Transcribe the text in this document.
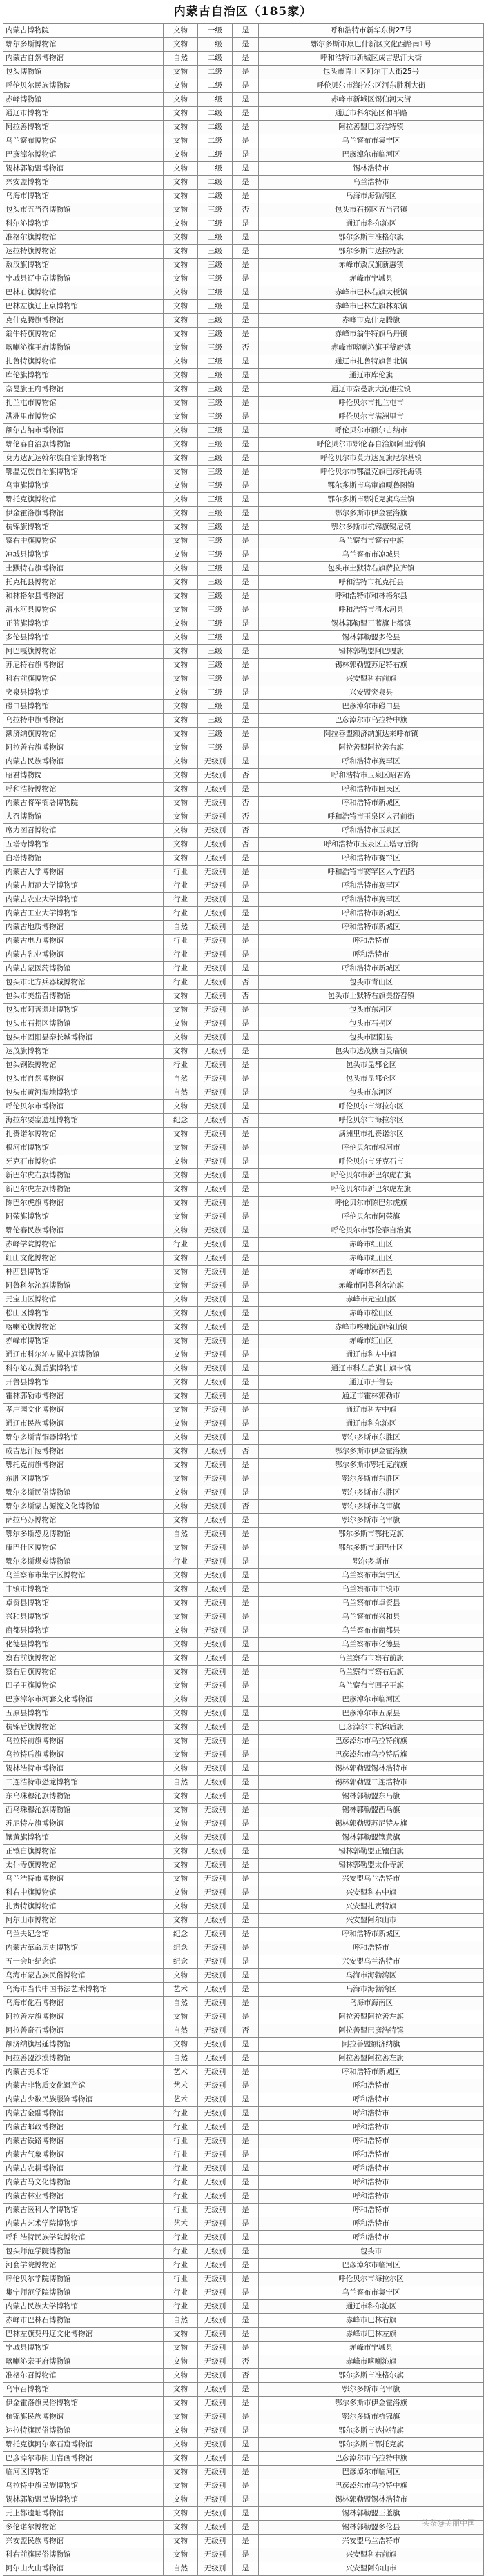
内蒙古自治区（185家）
内蒙古博物院	文物	一级	是	呼和浩特市新华东街27号
鄂尔多斯博物馆	文物	一级	是	鄂尔多斯市康巴什新区文化西路南1号
内蒙古自然博物馆	自然	二级	是	呼和浩特市新城区成吉思汗大街
包头博物馆	文物	二级	是	包头市青山区阿尔丁大街25号
呼伦贝尔民族博物院	文物	二级	是	呼伦贝尔市海拉尔区河东胜利大街
赤峰博物馆	文物	二级	是	赤峰市新城区锡伯河大街
通辽市博物馆	文物	二级	是	通辽市科尔沁区和平路
阿拉善博物馆	文物	二级	是	阿拉善盟巴彦浩特镇
乌兰察布博物馆	文物	二级	是	乌兰察布市集宁区
巴彦淖尔博物馆	文物	二级	是	巴彦淖尔市临河区
锡林郭勒盟博物馆	文物	二级	是	锡林浩特市
兴安盟博物馆	文物	二级	是	乌兰浩特市
乌海市博物馆	文物	二级	是	乌海市海勃湾区
包头市五当召博物馆	文物	三级	否	包头市石拐区五当召镇
科尔沁博物馆	文物	三级	是	通辽市科尔沁区
准格尔旗博物馆	文物	三级	是	鄂尔多斯市准格尔旗
达拉特旗博物馆	文物	三级	是	鄂尔多斯市达拉特旗
敖汉旗博物馆	文物	三级	是	赤峰市敖汉旗新惠镇
宁城县辽中京博物馆	文物	三级	是	赤峰市宁城县
巴林右旗博物馆	文物	三级	是	赤峰市巴林右旗大板镇
巴林左旗辽上京博物馆	文物	三级	是	赤峰市巴林左旗林东镇
克什克腾旗博物馆	文物	三级	是	赤峰市克什克腾旗
翁牛特旗博物馆	文物	三级	是	赤峰市翁牛特旗乌丹镇
喀喇沁旗王府博物馆	文物	三级	否	赤峰市喀喇沁旗王爷府镇
扎鲁特旗博物馆	文物	三级	是	通辽市扎鲁特旗鲁北镇
库伦旗博物馆	文物	三级	是	通辽市库伦旗
奈曼旗王府博物馆	文物	三级	是	通辽市奈曼旗大沁他拉镇
扎兰屯市博物馆	文物	三级	是	呼伦贝尔市扎兰屯市
满洲里市博物馆	文物	三级	是	呼伦贝尔市满洲里市
额尔古纳市博物馆	文物	三级	是	呼伦贝尔市额尔古纳市
鄂伦春自治旗博物馆	文物	三级	是	呼伦贝尔市鄂伦春自治旗阿里河镇
莫力达瓦达斡尔族自治旗博物馆	文物	三级	是	呼伦贝尔市莫力达瓦旗尼尔基镇
鄂温克族自治旗博物馆	文物	三级	是	呼伦贝尔市鄂温克旗巴彦托海镇
乌审旗博物馆	文物	三级	是	鄂尔多斯市乌审旗嘎鲁图镇
鄂托克旗博物馆	文物	三级	是	鄂尔多斯市鄂托克旗乌兰镇
伊金霍洛旗博物馆	文物	三级	是	鄂尔多斯市伊金霍洛旗
杭锦旗博物馆	文物	三级	是	鄂尔多斯市杭锦旗锡尼镇
察右中旗博物馆	文物	三级	是	乌兰察布市察右中旗
凉城县博物馆	文物	三级	是	乌兰察布市凉城县
土默特右旗博物馆	文物	三级	是	包头市土默特右旗萨拉齐镇
托克托县博物馆	文物	三级	是	呼和浩特市托克托县
和林格尔县博物馆	文物	三级	是	呼和浩特市和林格尔县
清水河县博物馆	文物	三级	是	呼和浩特市清水河县
正蓝旗博物馆	文物	三级	是	锡林郭勒盟正蓝旗上都镇
多伦县博物馆	文物	三级	是	锡林郭勒盟多伦县
阿巴嘎旗博物馆	文物	三级	是	锡林郭勒盟阿巴嘎旗
苏尼特右旗博物馆	文物	三级	是	锡林郭勒盟苏尼特右旗
科右前旗博物馆	文物	三级	是	兴安盟科右前旗
突泉县博物馆	文物	三级	是	兴安盟突泉县
磴口县博物馆	文物	三级	是	巴彦淖尔市磴口县
乌拉特中旗博物馆	文物	三级	是	巴彦淖尔市乌拉特中旗
额济纳旗博物馆	文物	三级	是	阿拉善盟额济纳旗达来呼布镇
阿拉善右旗博物馆	文物	三级	是	阿拉善盟阿拉善右旗
内蒙古民族博物馆	文物	无级别	是	呼和浩特市赛罕区
昭君博物院	文物	无级别	否	呼和浩特市玉泉区昭君路
呼和浩特博物馆	文物	无级别	是	呼和浩特市回民区
内蒙古将军衙署博物院	文物	无级别	否	呼和浩特市新城区
大召博物馆	文物	无级别	否	呼和浩特市玉泉区大召前街
席力图召博物馆	文物	无级别	否	呼和浩特市玉泉区
五塔寺博物馆	文物	无级别	否	呼和浩特市玉泉区五塔寺后街
白塔博物馆	文物	无级别	是	呼和浩特市赛罕区
内蒙古大学博物馆	行业	无级别	是	呼和浩特市赛罕区大学西路
内蒙古师范大学博物馆	行业	无级别	是	呼和浩特市赛罕区
内蒙古农业大学博物馆	行业	无级别	是	呼和浩特市赛罕区
内蒙古工业大学博物馆	行业	无级别	是	呼和浩特市新城区
内蒙古地质博物馆	自然	无级别	是	呼和浩特市新城区
内蒙古电力博物馆	行业	无级别	是	呼和浩特市
内蒙古乳业博物馆	行业	无级别	是	呼和浩特市
内蒙古蒙医药博物馆	行业	无级别	是	呼和浩特市新城区
包头市北方兵器城博物馆	行业	无级别	否	包头市青山区
包头市美岱召博物馆	文物	无级别	否	包头市土默特右旗美岱召镇
包头市阿善遗址博物馆	文物	无级别	是	包头市东河区
包头市石拐区博物馆	文物	无级别	是	包头市石拐区
包头市固阳县秦长城博物馆	文物	无级别	是	包头市固阳县
达茂旗博物馆	文物	无级别	是	包头市达茂旗百灵庙镇
包头钢铁博物馆	行业	无级别	是	包头市昆都仑区
包头市自然博物馆	自然	无级别	是	包头市昆都仑区
包头市黄河湿地博物馆	自然	无级别	是	包头市东河区
呼伦贝尔市博物馆	文物	无级别	是	呼伦贝尔市海拉尔区
海拉尔要塞遗址博物馆	纪念	无级别	否	呼伦贝尔市海拉尔区
扎赉诺尔博物馆	文物	无级别	是	满洲里市扎赉诺尔区
根河市博物馆	文物	无级别	是	呼伦贝尔市根河市
牙克石市博物馆	文物	无级别	是	呼伦贝尔市牙克石市
新巴尔虎右旗博物馆	文物	无级别	是	呼伦贝尔市新巴尔虎右旗
新巴尔虎左旗博物馆	文物	无级别	是	呼伦贝尔市新巴尔虎左旗
陈巴尔虎旗博物馆	文物	无级别	是	呼伦贝尔市陈巴尔虎旗
阿荣旗博物馆	文物	无级别	是	呼伦贝尔市阿荣旗
鄂伦春民族博物馆	文物	无级别	是	呼伦贝尔市鄂伦春自治旗
赤峰学院博物馆	行业	无级别	是	赤峰市红山区
红山文化博物馆	文物	无级别	是	赤峰市红山区
林西县博物馆	文物	无级别	是	赤峰市林西县
阿鲁科尔沁旗博物馆	文物	无级别	是	赤峰市阿鲁科尔沁旗
元宝山区博物馆	文物	无级别	是	赤峰市元宝山区
松山区博物馆	文物	无级别	是	赤峰市松山区
喀喇沁旗博物馆	文物	无级别	是	赤峰市喀喇沁旗锦山镇
赤峰市博物馆	文物	无级别	是	赤峰市红山区
通辽市科尔沁左翼中旗博物馆	文物	无级别	是	通辽市科左中旗
科尔沁左翼后旗博物馆	文物	无级别	是	通辽市科左后旗甘旗卡镇
开鲁县博物馆	文物	无级别	是	通辽市开鲁县
霍林郭勒市博物馆	文物	无级别	是	通辽市霍林郭勒市
孝庄园文化博物馆	文物	无级别	是	通辽市科左中旗
通辽市民族博物馆	文物	无级别	是	通辽市科尔沁区
鄂尔多斯青铜器博物馆	文物	无级别	是	鄂尔多斯市东胜区
成吉思汗陵博物馆	文物	无级别	否	鄂尔多斯市伊金霍洛旗
鄂托克前旗博物馆	文物	无级别	是	鄂尔多斯市鄂托克前旗
东胜区博物馆	文物	无级别	是	鄂尔多斯市东胜区
鄂尔多斯民俗博物馆	文物	无级别	是	鄂尔多斯市东胜区
鄂尔多斯蒙古源流文化博物馆	文物	无级别	否	鄂尔多斯市乌审旗
萨拉乌苏博物馆	文物	无级别	是	鄂尔多斯市乌审旗
鄂尔多斯恐龙博物馆	自然	无级别	是	鄂尔多斯市鄂托克旗
康巴什区博物馆	文物	无级别	是	鄂尔多斯市康巴什区
鄂尔多斯煤炭博物馆	行业	无级别	是	鄂尔多斯市
乌兰察布市集宁区博物馆	文物	无级别	是	乌兰察布市集宁区
丰镇市博物馆	文物	无级别	是	乌兰察布市丰镇市
卓资县博物馆	文物	无级别	是	乌兰察布市卓资县
兴和县博物馆	文物	无级别	是	乌兰察布市兴和县
商都县博物馆	文物	无级别	是	乌兰察布市商都县
化德县博物馆	文物	无级别	是	乌兰察布市化德县
察右前旗博物馆	文物	无级别	是	乌兰察布市察右前旗
察右后旗博物馆	文物	无级别	是	乌兰察布市察右后旗
四子王旗博物馆	文物	无级别	是	乌兰察布市四子王旗
巴彦淖尔市河套文化博物馆	文物	无级别	是	巴彦淖尔市临河区
五原县博物馆	文物	无级别	是	巴彦淖尔市五原县
杭锦后旗博物馆	文物	无级别	是	巴彦淖尔市杭锦后旗
乌拉特前旗博物馆	文物	无级别	是	巴彦淖尔市乌拉特前旗
乌拉特后旗博物馆	文物	无级别	是	巴彦淖尔市乌拉特后旗
锡林浩特市博物馆	文物	无级别	是	锡林郭勒盟锡林浩特市
二连浩特市恐龙博物馆	自然	无级别	是	锡林郭勒盟二连浩特市
东乌珠穆沁旗博物馆	文物	无级别	是	锡林郭勒盟东乌旗
西乌珠穆沁旗博物馆	文物	无级别	是	锡林郭勒盟西乌旗
苏尼特左旗博物馆	文物	无级别	是	锡林郭勒盟苏尼特左旗
镶黄旗博物馆	文物	无级别	是	锡林郭勒盟镶黄旗
正镶白旗博物馆	文物	无级别	是	锡林郭勒盟正镶白旗
太仆寺旗博物馆	文物	无级别	是	锡林郭勒盟太仆寺旗
乌兰浩特市博物馆	文物	无级别	是	兴安盟乌兰浩特市
科右中旗博物馆	文物	无级别	是	兴安盟科右中旗
扎赉特旗博物馆	文物	无级别	是	兴安盟扎赉特旗
阿尔山市博物馆	文物	无级别	是	兴安盟阿尔山市
乌兰夫纪念馆	纪念	无级别	是	呼和浩特市新城区
内蒙古革命历史博物馆	纪念	无级别	是	呼和浩特市
五一会址纪念馆	纪念	无级别	是	兴安盟乌兰浩特市
乌海市蒙古族民俗博物馆	文物	无级别	是	乌海市海勃湾区
乌海市当代中国书法艺术博物馆	艺术	无级别	是	乌海市海勃湾区
乌海市化石博物馆	自然	无级别	是	乌海市海南区
阿拉善左旗博物馆	文物	无级别	是	阿拉善盟阿拉善左旗
阿拉善奇石博物馆	自然	无级别	否	阿拉善盟巴彦浩特镇
额济纳旗居延博物馆	文物	无级别	是	阿拉善盟额济纳旗
阿拉善盟沙漠博物馆	自然	无级别	是	阿拉善盟阿拉善左旗
内蒙古美术馆	艺术	无级别	是	呼和浩特市新城区
内蒙古非物质文化遗产馆	艺术	无级别	是	呼和浩特市
内蒙古少数民族服饰博物馆	艺术	无级别	是	呼和浩特市
内蒙古金融博物馆	行业	无级别	是	呼和浩特市
内蒙古邮政博物馆	行业	无级别	是	呼和浩特市
内蒙古铁路博物馆	行业	无级别	是	呼和浩特市
内蒙古气象博物馆	行业	无级别	是	呼和浩特市
内蒙古农耕博物馆	行业	无级别	是	呼和浩特市
内蒙古马文化博物馆	行业	无级别	是	呼和浩特市
内蒙古林业博物馆	行业	无级别	是	呼和浩特市
内蒙古医科大学博物馆	行业	无级别	是	呼和浩特市
内蒙古艺术学院博物馆	艺术	无级别	是	呼和浩特市
呼和浩特民族学院博物馆	行业	无级别	是	呼和浩特市
包头师范学院博物馆	行业	无级别	是	包头市
河套学院博物馆	行业	无级别	是	巴彦淖尔市临河区
呼伦贝尔学院博物馆	行业	无级别	是	呼伦贝尔市海拉尔区
集宁师范学院博物馆	行业	无级别	是	乌兰察布市集宁区
内蒙古民族大学博物馆	行业	无级别	是	通辽市科尔沁区
赤峰市巴林石博物馆	自然	无级别	是	赤峰市巴林右旗
巴林左旗契丹辽文化博物馆	文物	无级别	是	赤峰市巴林左旗
宁城县博物馆	文物	无级别	是	赤峰市宁城县
喀喇沁亲王府博物馆	文物	无级别	否	赤峰市喀喇沁旗
准格尔召博物馆	文物	无级别	否	鄂尔多斯市准格尔旗
乌审召博物馆	文物	无级别	是	鄂尔多斯市乌审旗
伊金霍洛旗民俗博物馆	文物	无级别	是	鄂尔多斯市伊金霍洛旗
杭锦旗民族博物馆	文物	无级别	是	鄂尔多斯市杭锦旗
达拉特旗民俗博物馆	文物	无级别	是	鄂尔多斯市达拉特旗
鄂托克旗阿尔寨石窟博物馆	文物	无级别	是	鄂尔多斯市鄂托克旗
巴彦淖尔市阴山岩画博物馆	文物	无级别	是	巴彦淖尔市乌拉特中旗
临河区博物馆	文物	无级别	是	巴彦淖尔市临河区
乌拉特中旗民族博物馆	文物	无级别	是	巴彦淖尔市乌拉特中旗
锡林郭勒盟民族博物馆	文物	无级别	是	锡林郭勒盟锡林浩特市
元上都遗址博物馆	文物	无级别	是	锡林郭勒盟正蓝旗
多伦诺尔博物馆	文物	无级别	是	锡林郭勒盟多伦县
兴安盟民族博物馆	文物	无级别	是	兴安盟乌兰浩特市
科右前旗民俗博物馆	文物	无级别	是	兴安盟科右前旗
阿尔山火山博物馆	自然	无级别	是	兴安盟阿尔山市
头条@美丽中国
